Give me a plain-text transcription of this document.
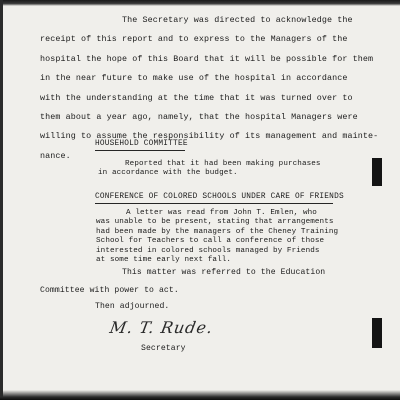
The Secretary was directed to acknowledge the
receipt of this report and to express to the Managers of the
hospital the hope of this Board that it will be possible for them
in the near future to make use of the hospital in accordance
with the understanding at the time that it was turned over to
them about a year ago, namely, that the hospital Managers were
willing to assume the responsibility of its management and mainte-
nance.
HOUSEHOLD COMMITTEE
Reported that it had been making purchases
in accordance with the budget.
CONFERENCE OF COLORED SCHOOLS UNDER CARE OF FRIENDS
A letter was read from John T. Emlen, who
was unable to be present, stating that arrangements
had been made by the managers of the Cheney Training
School for Teachers to call a conference of those
interested in colored schools managed by Friends
at some time early next fall.
This matter was referred to the Education
Committee with power to act.
Then adjourned.
M. T. Rude.
Secretary
